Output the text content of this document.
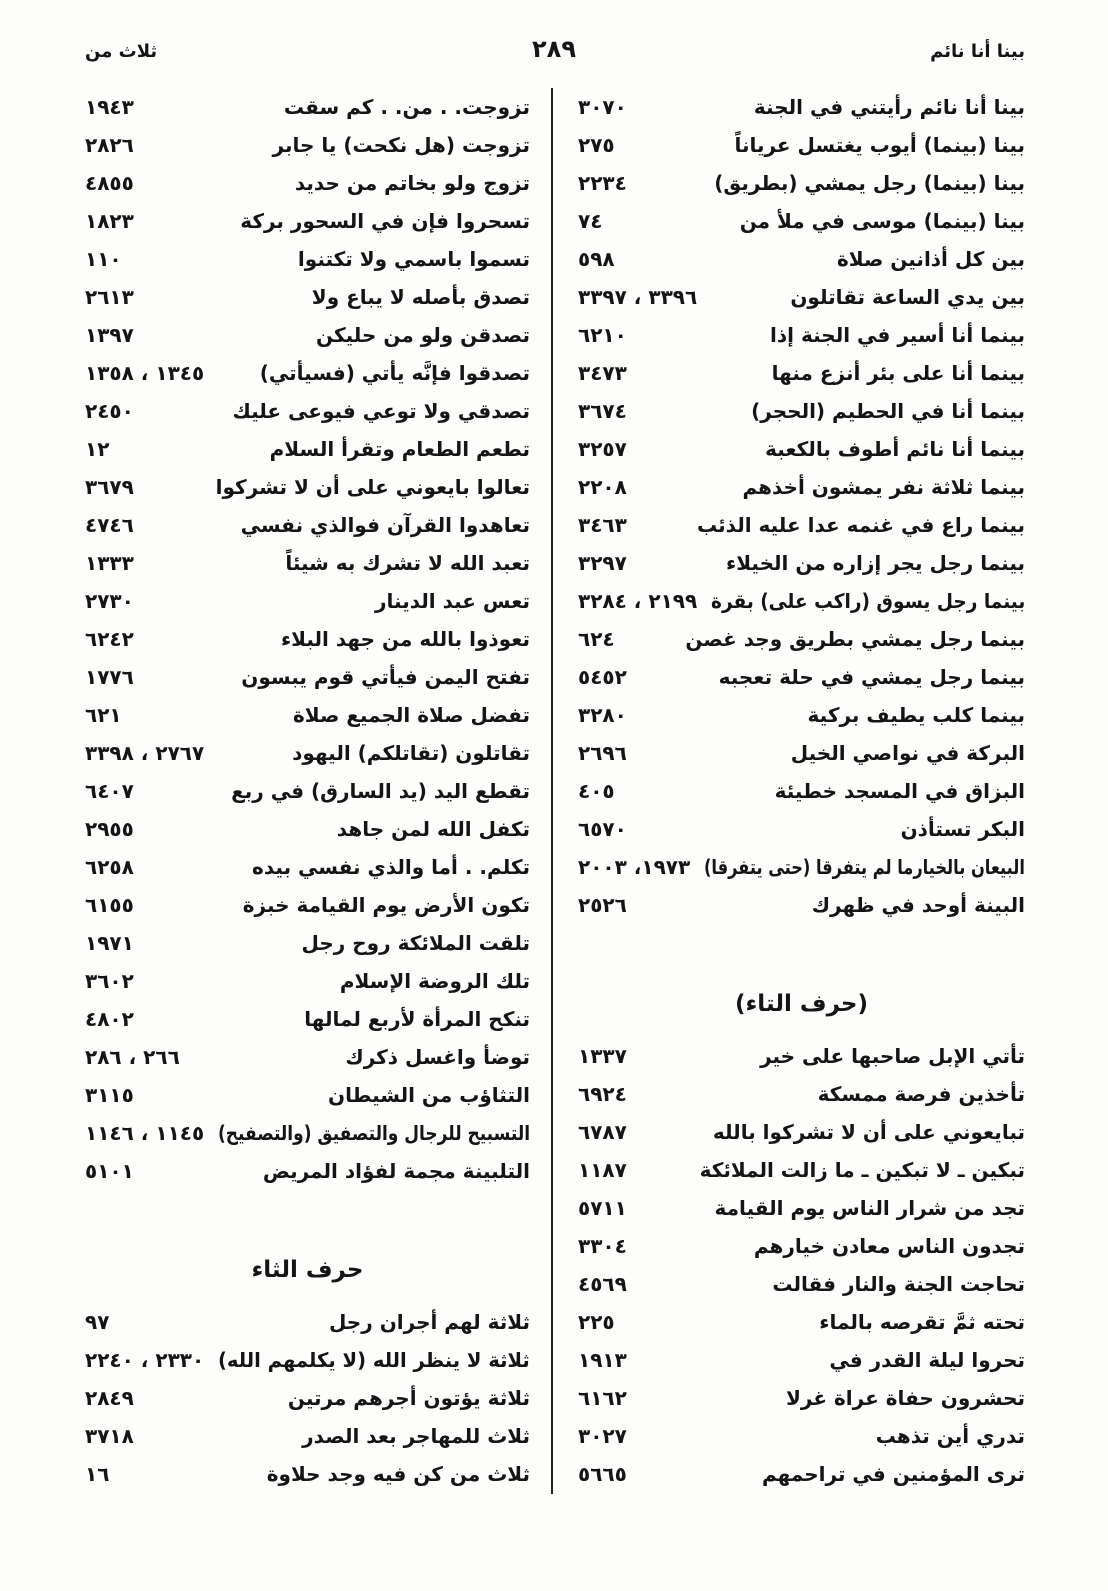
بينا أنا نائم
٢٨٩
ثلاث من
بينا أنا نائم رأيتني في الجنة
٣٠٧٠
بينا (بينما) أيوب يغتسل عرياناً
٢٧٥
بينا (بينما) رجل يمشي (بطريق)
٢٢٣٤
بينا (بينما) موسى في ملأ من
٧٤
بين كل أذانين صلاة
٥٩٨
بين يدي الساعة تقاتلون
٣٣٩٦ ، ٣٣٩٧
بينما أنا أسير في الجنة إذا
٦٢١٠
بينما أنا على بئر أنزع منها
٣٤٧٣
بينما أنا في الحطيم (الحجر)
٣٦٧٤
بينما أنا نائم أطوف بالكعبة
٣٢٥٧
بينما ثلاثة نفر يمشون أخذهم
٢٢٠٨
بينما راع في غنمه عدا عليه الذئب
٣٤٦٣
بينما رجل يجر إزاره من الخيلاء
٣٢٩٧
بينما رجل يسوق (راكب على) بقرة
٢١٩٩ ، ٣٢٨٤
بينما رجل يمشي بطريق وجد غصن
٦٢٤
بينما رجل يمشي في حلة تعجبه
٥٤٥٢
بينما كلب يطيف بركية
٣٢٨٠
البركة في نواصي الخيل
٢٦٩٦
البزاق في المسجد خطيئة
٤٠٥
البكر تستأذن
٦٥٧٠
البيعان بالخيارما لم يتفرقا (حتى يتفرقا)
١٩٧٣، ٢٠٠٣
البينة أوحد في ظهرك
٢٥٢٦
(حرف التاء)
تأتي الإبل صاحبها على خير
١٣٣٧
تأخذين فرصة ممسكة
٦٩٢٤
تبايعوني على أن لا تشركوا بالله
٦٧٨٧
تبكين ـ لا تبكين ـ ما زالت الملائكة
١١٨٧
تجد من شرار الناس يوم القيامة
٥٧١١
تجدون الناس معادن خيارهم
٣٣٠٤
تحاجت الجنة والنار فقالت
٤٥٦٩
تحته ثمَّ تقرصه بالماء
٢٢٥
تحروا ليلة القدر في
١٩١٣
تحشرون حفاة عراة غرلا
٦١٦٢
تدري أين تذهب
٣٠٢٧
ترى المؤمنين في تراحمهم
٥٦٦٥
تزوجت. . من. . كم سقت
١٩٤٣
تزوجت (هل نكحت) يا جابر
٢٨٢٦
تزوج ولو بخاتم من حديد
٤٨٥٥
تسحروا فإن في السحور بركة
١٨٢٣
تسموا باسمي ولا تكتنوا
١١٠
تصدق بأصله لا يباع ولا
٢٦١٣
تصدقن ولو من حليكن
١٣٩٧
تصدقوا فإنَّه يأتي (فسيأتي)
١٣٤٥ ، ١٣٥٨
تصدقي ولا توعي فيوعى عليك
٢٤٥٠
تطعم الطعام وتقرأ السلام
١٢
تعالوا بايعوني على أن لا تشركوا
٣٦٧٩
تعاهدوا القرآن فوالذي نفسي
٤٧٤٦
تعبد الله لا تشرك به شيئاً
١٣٣٣
تعس عبد الدينار
٢٧٣٠
تعوذوا بالله من جهد البلاء
٦٢٤٢
تفتح اليمن فيأتي قوم يبسون
١٧٧٦
تفضل صلاة الجميع صلاة
٦٢١
تقاتلون (تقاتلكم) اليهود
٢٧٦٧ ، ٣٣٩٨
تقطع اليد (يد السارق) في ربع
٦٤٠٧
تكفل الله لمن جاهد
٢٩٥٥
تكلم. . أما والذي نفسي بيده
٦٢٥٨
تكون الأرض يوم القيامة خبزة
٦١٥٥
تلقت الملائكة روح رجل
١٩٧١
تلك الروضة الإسلام
٣٦٠٢
تنكح المرأة لأربع لمالها
٤٨٠٢
توضأ واغسل ذكرك
٢٦٦ ، ٢٨٦
التثاؤب من الشيطان
٣١١٥
التسبيح للرجال والتصفيق (والتصفيح)
١١٤٥ ، ١١٤٦
التلبينة مجمة لفؤاد المريض
٥١٠١
حرف الثاء
ثلاثة لهم أجران رجل
٩٧
ثلاثة لا ينظر الله (لا يكلمهم الله)
٢٣٣٠ ، ٢٢٤٠
ثلاثة يؤتون أجرهم مرتين
٢٨٤٩
ثلاث للمهاجر بعد الصدر
٣٧١٨
ثلاث من كن فيه وجد حلاوة
١٦
